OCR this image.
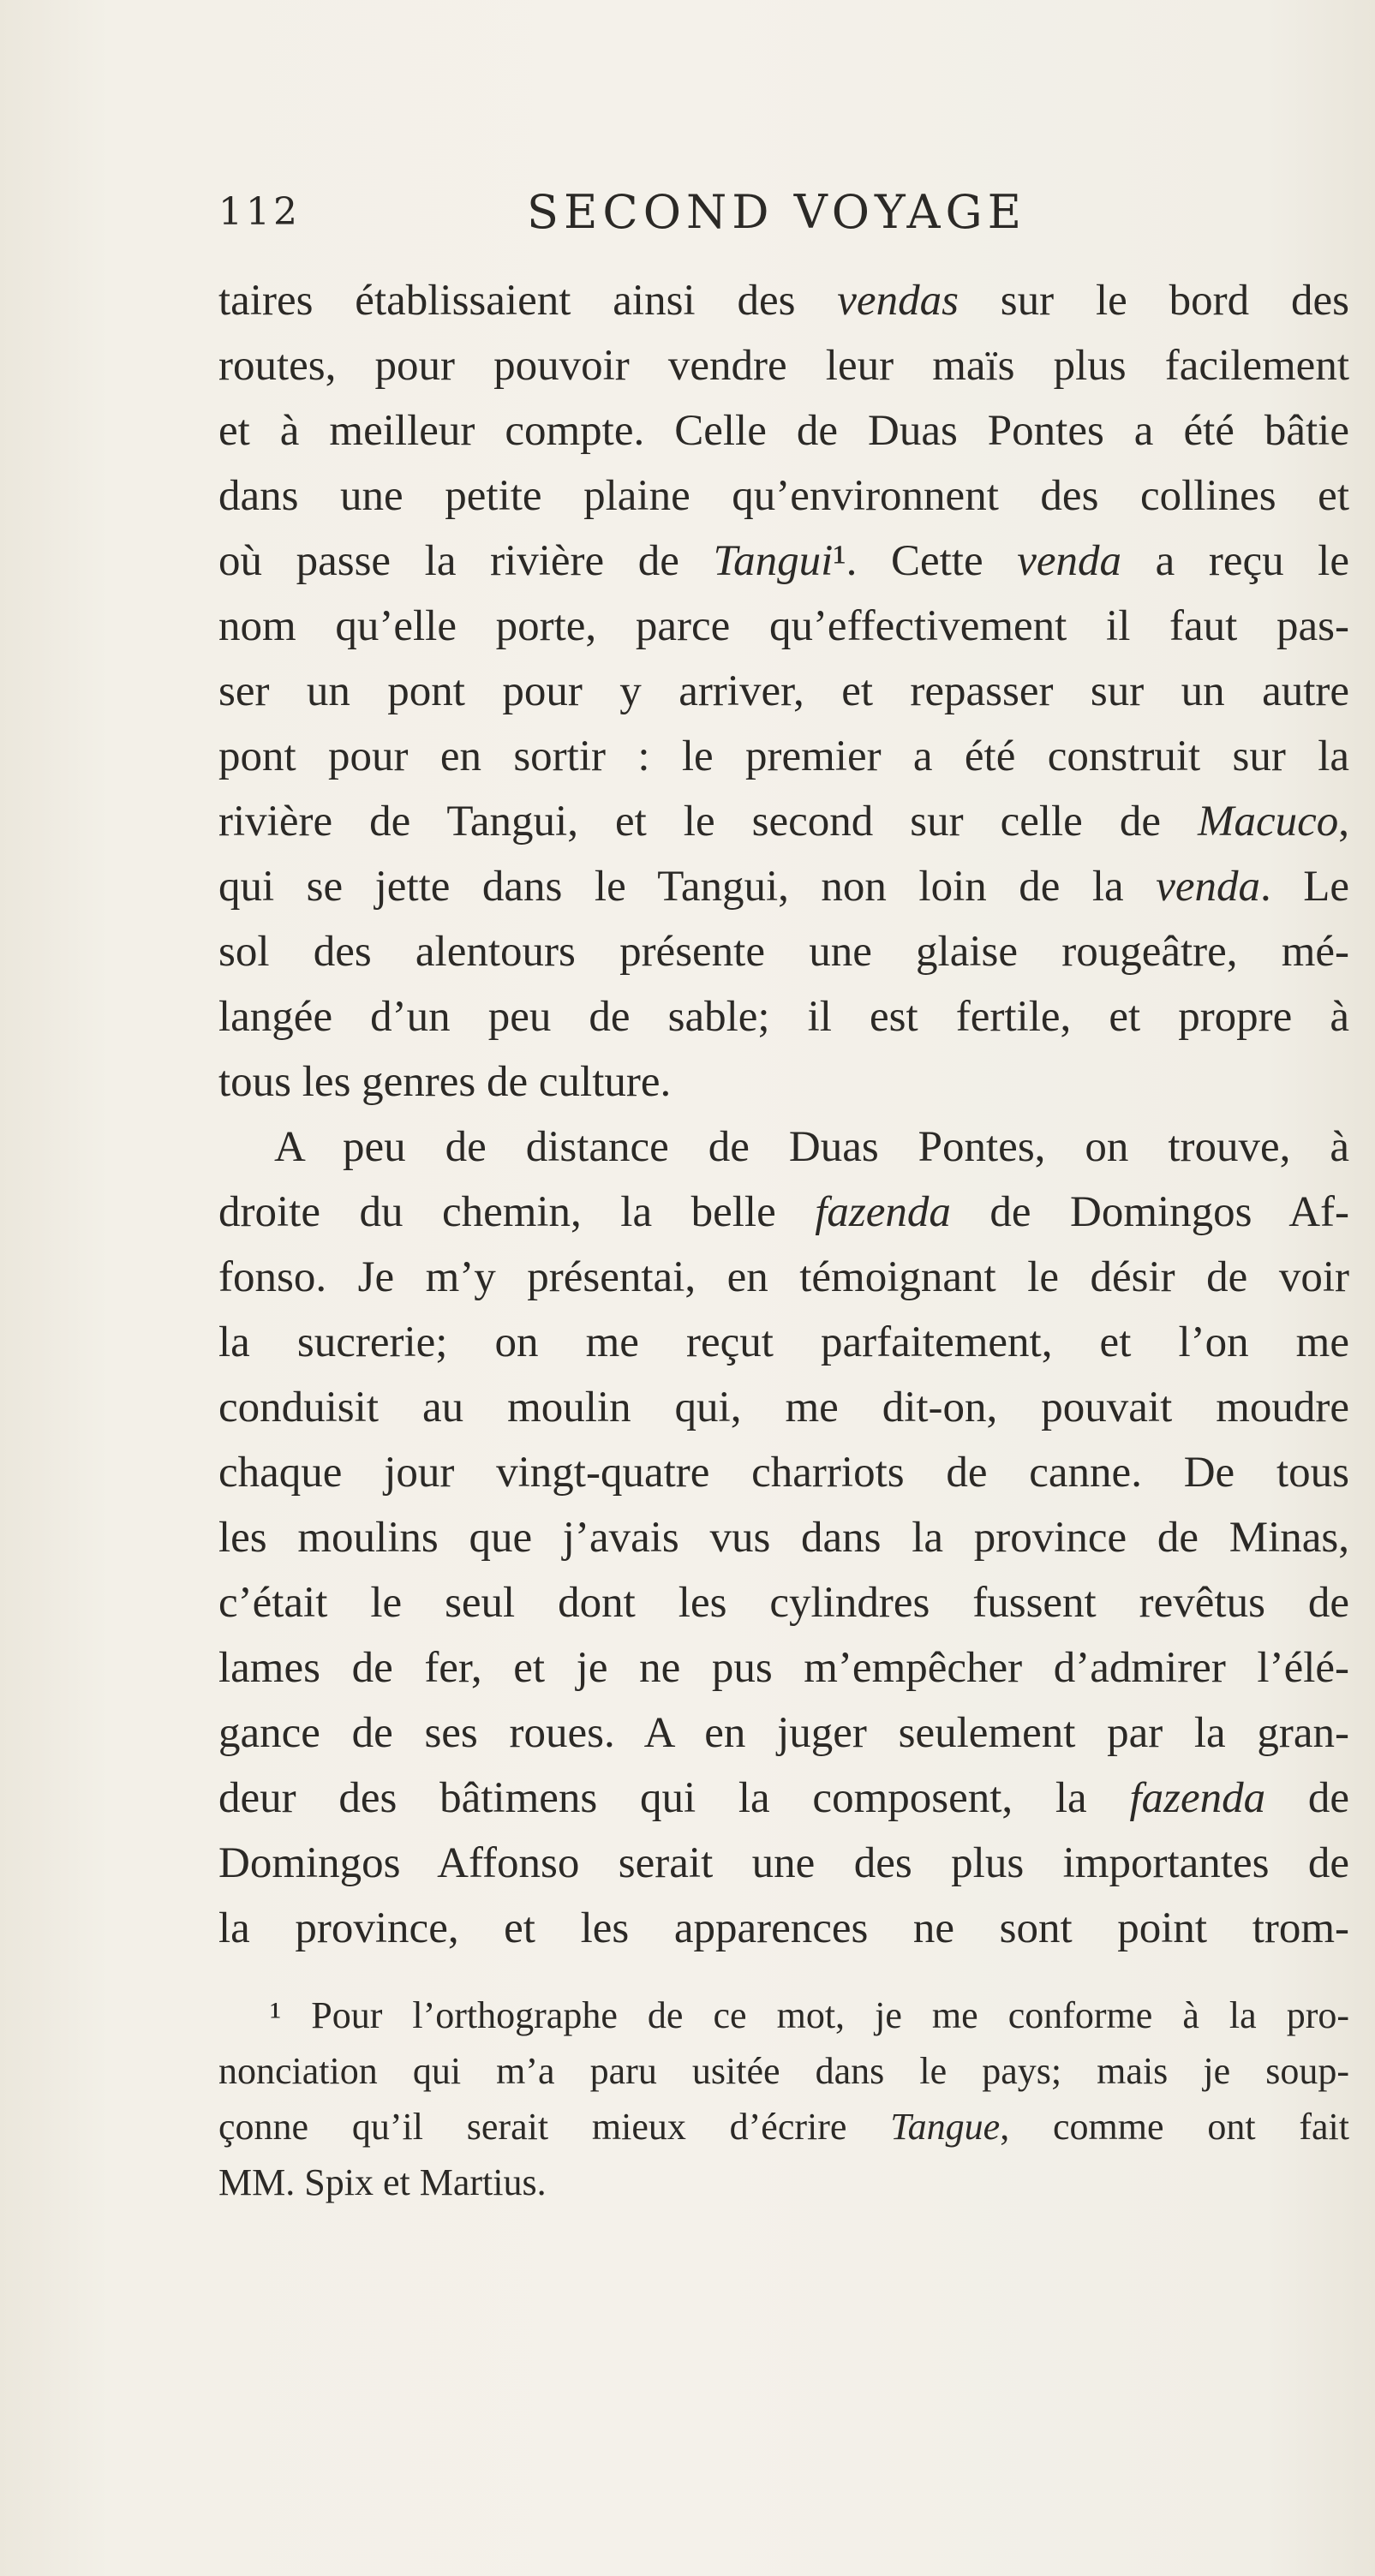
112	SECOND VOYAGE
taires établissaient ainsi des vendas sur le bord des
routes, pour pouvoir vendre leur maïs plus facilement
et à meilleur compte. Celle de Duas Pontes a été bâtie
dans une petite plaine qu’environnent des collines et
où passe la rivière de Tangui¹. Cette venda a reçu le
nom qu’elle porte, parce qu’effectivement il faut pas-
ser un pont pour y arriver, et repasser sur un autre
pont pour en sortir : le premier a été construit sur la
rivière de Tangui, et le second sur celle de Macuco,
qui se jette dans le Tangui, non loin de la venda. Le
sol des alentours présente une glaise rougeâtre, mé-
langée d’un peu de sable; il est fertile, et propre à
tous les genres de culture.
A peu de distance de Duas Pontes, on trouve, à
droite du chemin, la belle fazenda de Domingos Af-
fonso. Je m’y présentai, en témoignant le désir de voir
la sucrerie; on me reçut parfaitement, et l’on me
conduisit au moulin qui, me dit-on, pouvait moudre
chaque jour vingt-quatre charriots de canne. De tous
les moulins que j’avais vus dans la province de Minas,
c’était le seul dont les cylindres fussent revêtus de
lames de fer, et je ne pus m’empêcher d’admirer l’élé-
gance de ses roues. A en juger seulement par la gran-
deur des bâtimens qui la composent, la fazenda de
Domingos Affonso serait une des plus importantes de
la province, et les apparences ne sont point trom-
¹ Pour l’orthographe de ce mot, je me conforme à la pro-
nonciation qui m’a paru usitée dans le pays; mais je soup-
çonne qu’il serait mieux d’écrire Tangue, comme ont fait
MM. Spix et Martius.
